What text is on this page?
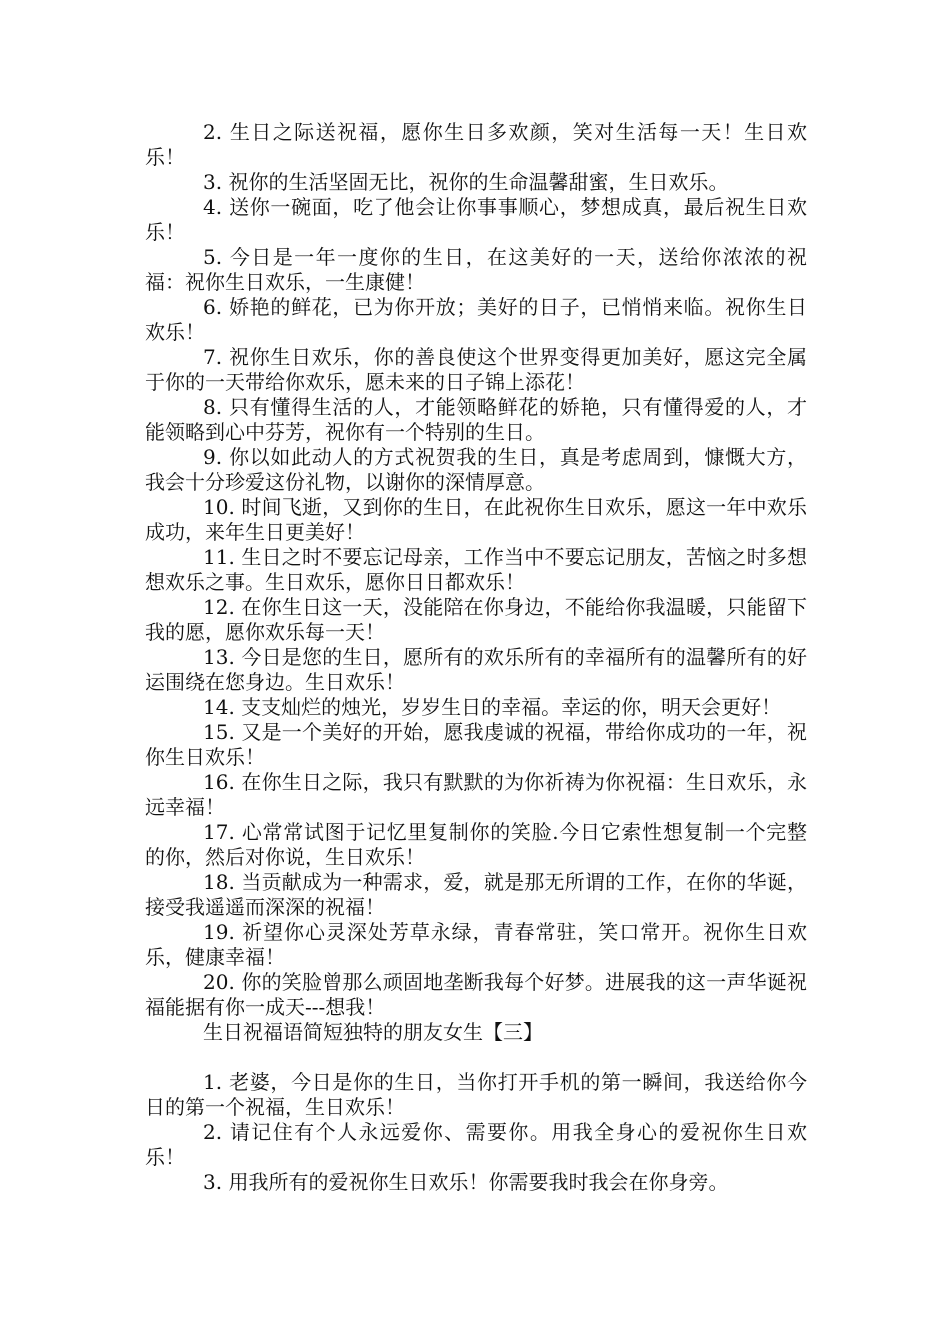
2. 生日之际送祝福，愿你生日多欢颜，笑对生活每一天！生日欢乐！

3. 祝你的生活坚固无比，祝你的生命温馨甜蜜，生日欢乐。

4. 送你一碗面，吃了他会让你事事顺心，梦想成真，最后祝生日欢乐！

5. 今日是一年一度你的生日，在这美好的一天，送给你浓浓的祝福：祝你生日欢乐，一生康健！

6. 娇艳的鲜花，已为你开放；美好的日子，已悄悄来临。祝你生日欢乐！

7. 祝你生日欢乐，你的善良使这个世界变得更加美好，愿这完全属于你的一天带给你欢乐，愿未来的日子锦上添花！

8. 只有懂得生活的人，才能领略鲜花的娇艳，只有懂得爱的人，才能领略到心中芬芳，祝你有一个特别的生日。

9. 你以如此动人的方式祝贺我的生日，真是考虑周到，慷慨大方，我会十分珍爱这份礼物，以谢你的深情厚意。

10. 时间飞逝，又到你的生日，在此祝你生日欢乐，愿这一年中欢乐成功，来年生日更美好！

11. 生日之时不要忘记母亲，工作当中不要忘记朋友，苦恼之时多想想欢乐之事。生日欢乐，愿你日日都欢乐！

12. 在你生日这一天，没能陪在你身边，不能给你我温暖，只能留下我的愿，愿你欢乐每一天！

13. 今日是您的生日，愿所有的欢乐所有的幸福所有的温馨所有的好运围绕在您身边。生日欢乐！

14. 支支灿烂的烛光，岁岁生日的幸福。幸运的你，明天会更好！

15. 又是一个美好的开始，愿我虔诚的祝福，带给你成功的一年，祝你生日欢乐！

16. 在你生日之际，我只有默默的为你祈祷为你祝福：生日欢乐，永远幸福！

17. 心常常试图于记忆里复制你的笑脸.今日它索性想复制一个完整的你，然后对你说，生日欢乐！

18. 当贡献成为一种需求，爱，就是那无所谓的工作，在你的华诞，接受我遥遥而深深的祝福！

19. 祈望你心灵深处芳草永绿，青春常驻，笑口常开。祝你生日欢乐，健康幸福！

20. 你的笑脸曾那么顽固地垄断我每个好梦。进展我的这一声华诞祝福能据有你一成天---想我！

生日祝福语简短独特的朋友女生【三】

1. 老婆，今日是你的生日，当你打开手机的第一瞬间，我送给你今日的第一个祝福，生日欢乐！

2. 请记住有个人永远爱你、需要你。用我全身心的爱祝你生日欢乐！

3. 用我所有的爱祝你生日欢乐！你需要我时我会在你身旁。
